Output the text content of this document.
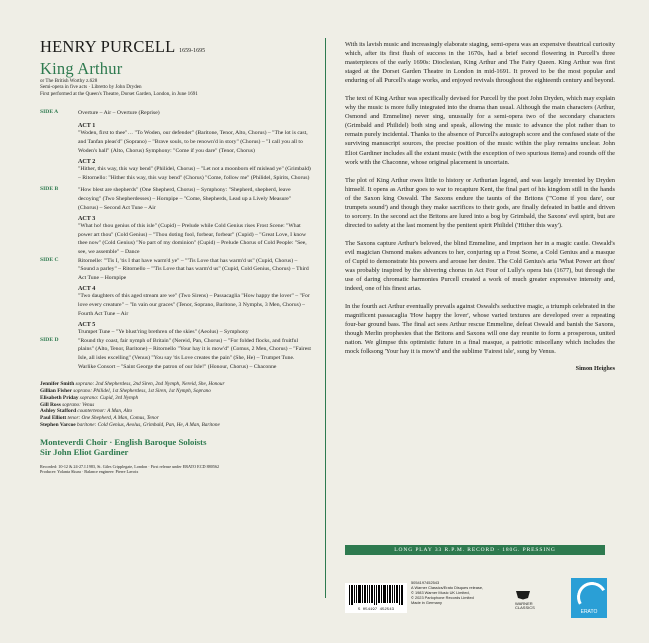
HENRY PURCELL 1659-1695
King Arthur
or The British Worthy z.628
Semi-opera in five acts · Libretto by John Dryden
First performed at the Queen's Theatre, Dorset Garden, London, in June 1691
SIDE A	Overture – Air – Overture (Reprise)
ACT 1
"Woden, first to thee"… "To Woden, our defender" (Baritone, Tenor, Alto, Chorus) – "The lot is cast, and Tanfan pleas'd" (Soprano) – "Brave souls, to be renown'd in story" (Chorus) – "I call you all to Woden's hall" (Alto, Chorus) Symphony: "Come if you dare" (Tenor, Chorus)
ACT 2
"Hither, this way, this way bend" (Philidel, Chorus) – "Let not a moonborn elf mislead ye" (Grimbald) – Ritornello: "Hither this way, this way bend" (Chorus) "Come, follow me" (Philidel, Spirits, Chorus)
SIDE B	"How blest are shepherds" (One Shepherd, Chorus) – Symphony: "Shepherd, shepherd, leave decoying" (Two Shepherdesses) – Hornpipe – "Come, Shepherds, Lead up a Lively Measure" (Chorus) – Second Act Tune – Air
ACT 3
"What ho! thou genius of this isle" (Cupid) – Prelude while Cold Genius rises Frost Scene: "What power art thou" (Cold Genius) – "Thou doting fool, forbear, forbear" (Cupid) – "Great Love, I know thee now" (Cold Genius) "No part of my dominion" (Cupid) – Prelude Chorus of Cold People: "See, see, we assemble" – Dance
SIDE C	Ritornelle: "'Tis I, 'tis I that have warm'd ye" – "'Tis Love that has warm'd us" (Cupid, Chorus) – "Sound a parley" – Ritornello – "'Tis Love that has warm'd us" (Cupid, Cold Genius, Chorus) – Third Act Tune – Hornpipe
ACT 4
"Two daughters of this aged stream are we" (Two Sirens) – Passacaglia "How happy the lover" – "For love every creature" – "In vain our graces" (Tenor, Soprano, Baritone, 3 Nymphs, 3 Men, Chorus) – Fourth Act Tune – Air
ACT 5
Trumpet Tune – "Ye blust'ring brethren of the skies" (Aeolus) – Symphony
SIDE D	"Round thy coast, fair nymph of Britain" (Nereid, Pan, Chorus) – "For folded flocks, and fruitful plains" (Alto, Tenor, Baritone) – Ritornello "Your hay it is mow'd" (Comus, 2 Men, Chorus) – "Fairest Isle, all isles excelling" (Venus) "You say 'tis Love creates the pain" (She, He) – Trumpet Tune. Warlike Consort – "Saint George the patron of our Isle!" (Honour, Chorus) – Chaconne
Jennifer Smith soprano: 2nd Shepherdess, 2nd Siren, 2nd Nymph, Nereid, She, Honour
Gillian Fisher soprano: Philidel, 1st Shepherdess, 1st Siren, 1st Nymph, Soprano
Elisabeth Priday soprano: Cupid, 3rd Nymph
Gill Ross soprano: Venus
Ashley Stafford countertenor: A Man, Alto
Paul Elliott tenor: One Shepherd, A Man, Comus, Tenor
Stephen Varcoe baritone: Cold Genius, Aeolus, Grimbald, Pan, He, A Man, Baritone
Monteverdi Choir · English Baroque Soloists
Sir John Eliot Gardiner
Recorded: 10-12 & 24-27.I.1983, St. Giles Cripplegate, London · First release under ERATO ECD 880562
Producer: Yolanta Skura · Balance engineer: Pierre Lavoix

With its lavish music and increasingly elaborate staging, semi-opera was an expensive theatrical curiosity which, after its first flush of success in the 1670s, had a brief second flowering in Purcell's three masterpieces of the early 1690s: Dioclesian, King Arthur and The Fairy Queen. King Arthur was first staged at the Dorset Garden Theatre in London in mid-1691. It proved to be the most popular and enduring of all Purcell's stage works, and enjoyed revivals throughout the eighteenth century and beyond.

The text of King Arthur was specifically devised for Purcell by the poet John Dryden, which may explain why the music is more fully integrated into the drama than usual. Although the main characters (Arthur, Osmond and Emmeline) never sing, unusually for a semi-opera two of the secondary characters (Grimbald and Philidel) both sing and speak, allowing the music to advance the plot rather than to remain purely incidental. Thanks to the absence of Purcell's autograph score and the confused state of the surviving manuscript sources, the precise position of the music within the play remains unclear. John Eliot Gardiner includes all the extant music (with the exception of two spurious items) and rounds off the work with the Chaconne, whose original placement is uncertain.

The plot of King Arthur owes little to history or Arthurian legend, and was largely invented by Dryden himself. It opens as Arthur goes to war to recapture Kent, the final part of his kingdom still in the hands of the Saxon king Oswald. The Saxons endure the taunts of the Britons ("'Come if you dare', our trumpets sound') and though they make sacrifices to their gods, are finally defeated in battle and driven to sorcery. In the second act the Britons are lured into a bog by Grimbald, the Saxons' evil spirit, but are directed to safety at the last moment by the penitent spirit Philidel ('Hither this way').

The Saxons capture Arthur's beloved, the blind Emmeline, and imprison her in a magic castle. Oswald's evil magician Osmond makes advances to her, conjuring up a Frost Scene, a Cold Genius and a masque of Cupid to demonstrate his powers and arouse her desire. The Cold Genius's aria 'What Power art thou' was probably inspired by the shivering chorus in Act Four of Lully's opera Isis (1677), but through the use of daring chromatic harmonies Purcell created a work of much greater expressive intensity and, indeed, one of his finest arias.

In the fourth act Arthur eventually prevails against Oswald's seductive magic, a triumph celebrated in the magnificent passacaglia 'How happy the lover', whose varied textures are developed over a repeating four-bar ground bass. The final act sees Arthur rescue Emmeline, defeat Oswald and banish the Saxons, though Merlin prophesies that the Britons and Saxons will one day reunite to form a prosperous, united nation. We glimpse this optimistic future in a final masque, a patriotic miscellany which includes the mock folksong 'Your hay it is mow'd' and the sublime 'Fairest isle', sung by Venus.

Simon Heighes
LONG PLAY 33 R.P.M. RECORD · 180G. PRESSING
5 054197 452543
5054197452543
A Warner Classics/Erato Disques release,
© 1983 Warner Music UK Limited,
© 2023 Parlophone Records Limited
Made in Germany	WARNER CLASSICS
ERATO
